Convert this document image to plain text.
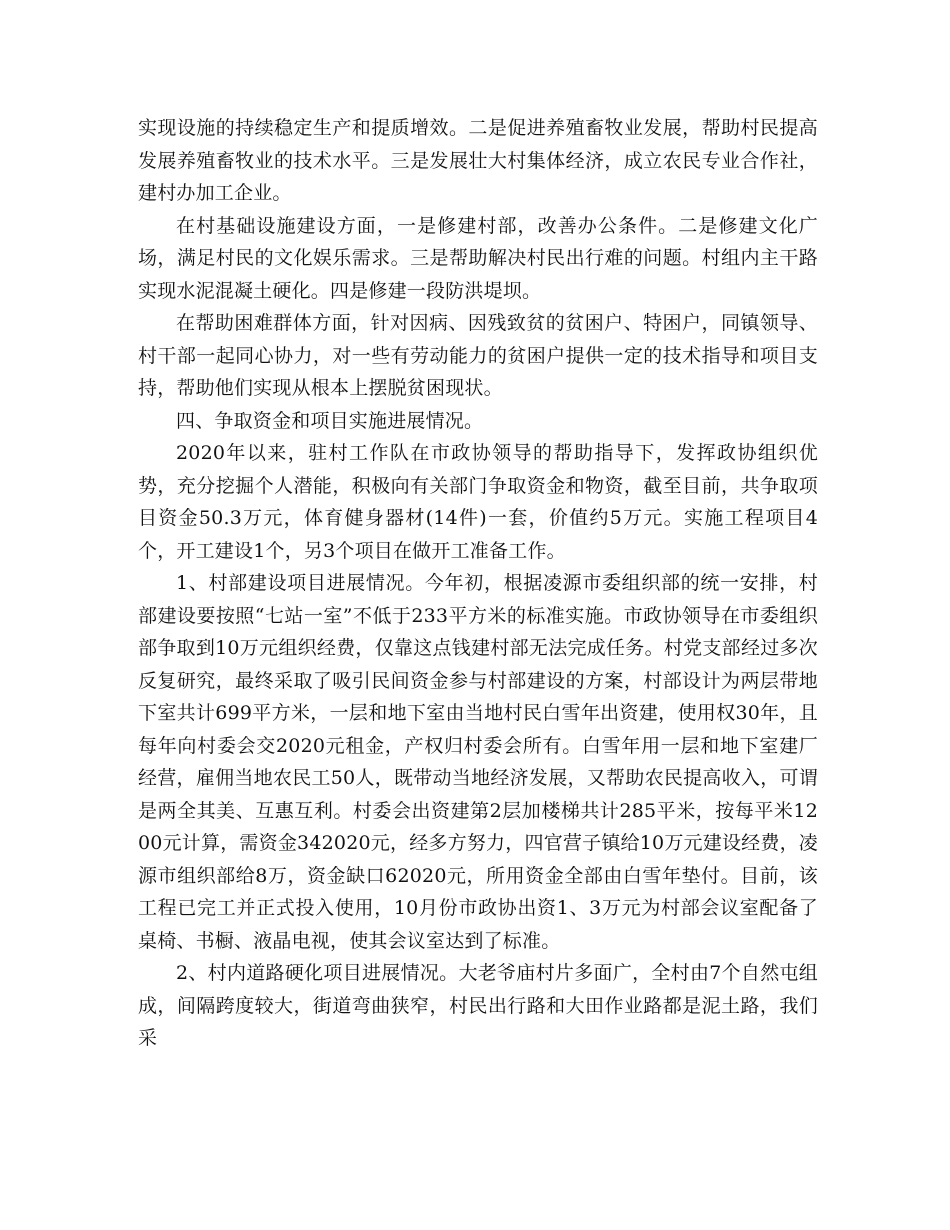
实现设施的持续稳定生产和提质增效。二是促进养殖畜牧业发展，帮助村民提高发展养殖畜牧业的技术水平。三是发展壮大村集体经济，成立农民专业合作社，建村办加工企业。

在村基础设施建设方面，一是修建村部，改善办公条件。二是修建文化广场，满足村民的文化娱乐需求。三是帮助解决村民出行难的问题。村组内主干路实现水泥混凝土硬化。四是修建一段防洪堤坝。

在帮助困难群体方面，针对因病、因残致贫的贫困户、特困户，同镇领导、村干部一起同心协力，对一些有劳动能力的贫困户提供一定的技术指导和项目支持，帮助他们实现从根本上摆脱贫困现状。

四、争取资金和项目实施进展情况。

2020年以来，驻村工作队在市政协领导的帮助指导下，发挥政协组织优势，充分挖掘个人潜能，积极向有关部门争取资金和物资，截至目前，共争取项目资金50.3万元，体育健身器材(14件)一套，价值约5万元。实施工程项目4个，开工建设1个，另3个项目在做开工准备工作。

1、村部建设项目进展情况。今年初，根据凌源市委组织部的统一安排，村部建设要按照“七站一室”不低于233平方米的标准实施。市政协领导在市委组织部争取到10万元组织经费，仅靠这点钱建村部无法完成任务。村党支部经过多次反复研究，最终采取了吸引民间资金参与村部建设的方案，村部设计为两层带地下室共计699平方米，一层和地下室由当地村民白雪年出资建，使用权30年，且每年向村委会交2020元租金，产权归村委会所有。白雪年用一层和地下室建厂经营，雇佣当地农民工50人，既带动当地经济发展，又帮助农民提高收入，可谓是两全其美、互惠互利。村委会出资建第2层加楼梯共计285平米，按每平米1200元计算，需资金342020元，经多方努力，四官营子镇给10万元建设经费，凌源市组织部给8万，资金缺口62020元，所用资金全部由白雪年垫付。目前，该工程已完工并正式投入使用，10月份市政协出资1、3万元为村部会议室配备了桌椅、书橱、液晶电视，使其会议室达到了标准。

2、村内道路硬化项目进展情况。大老爷庙村片多面广，全村由7个自然屯组成，间隔跨度较大，街道弯曲狭窄，村民出行路和大田作业路都是泥土路，我们采
